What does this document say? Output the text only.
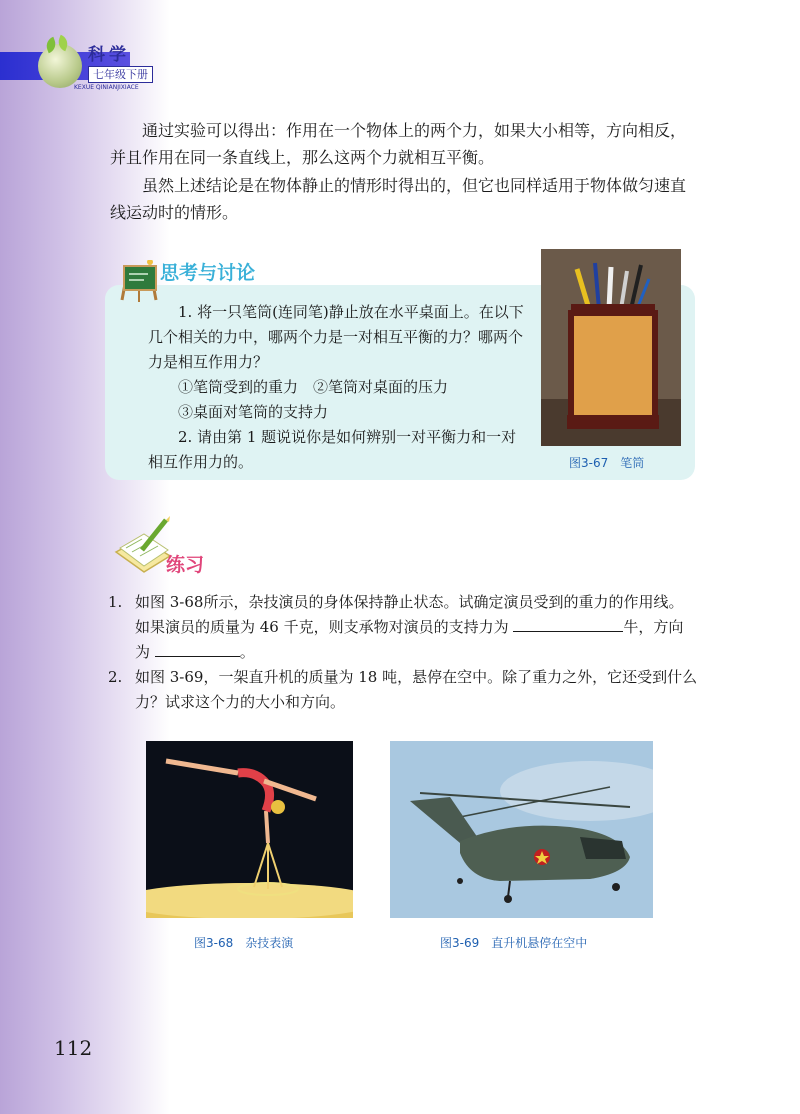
科学
七年级下册
KEXUE QINIANJIXIACE

通过实验可以得出：作用在一个物体上的两个力，如果大小相等，方向相反，并且作用在同一条直线上，那么这两个力就相互平衡。

虽然上述结论是在物体静止的情形时得出的，但它也同样适用于物体做匀速直线运动时的情形。

思考与讨论

1. 将一只笔筒(连同笔)静止放在水平桌面上。在以下几个相关的力中，哪两个力是一对相互平衡的力？哪两个力是相互作用力？

①笔筒受到的重力　②笔筒对桌面的压力

③桌面对笔筒的支持力

2. 请由第 1 题说说你是如何辨别一对平衡力和一对相互作用力的。	图3-67　笔筒
练习
1. 如图 3-68所示，杂技演员的身体保持静止状态。试确定演员受到的重力的作用线。如果演员的质量为 46 千克，则支承物对演员的支持力为	牛，方向为	。
2. 如图 3-69，一架直升机的质量为 18 吨，悬停在空中。除了重力之外，它还受到什么力？试求这个力的大小和方向。
图3-68　杂技表演	图3-69　直升机悬停在空中
112
